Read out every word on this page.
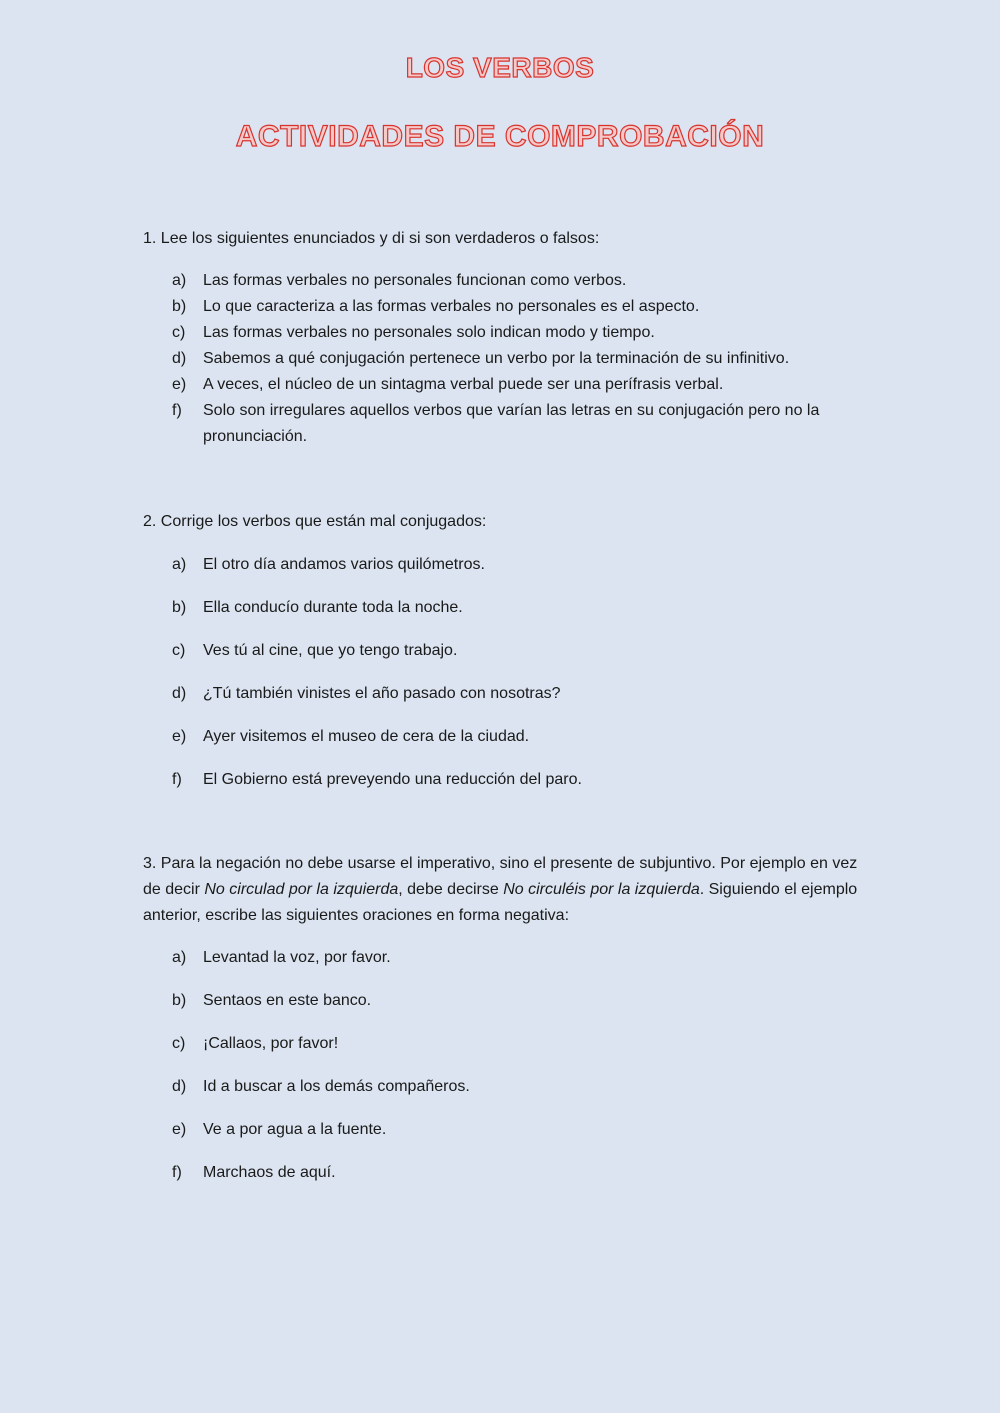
LOS VERBOS
ACTIVIDADES DE COMPROBACIÓN
1. Lee los siguientes enunciados y di si son verdaderos o falsos:
a)	Las formas verbales no personales funcionan como verbos.
b)	Lo que caracteriza a las formas verbales no personales es el aspecto.
c)	Las formas verbales no personales solo indican modo y tiempo.
d)	Sabemos a qué conjugación pertenece un verbo por la terminación de su infinitivo.
e)	A veces, el núcleo de un sintagma verbal puede ser una perífrasis verbal.
f)	Solo son irregulares aquellos verbos que varían las letras en su conjugación pero no la pronunciación.
2. Corrige los verbos que están mal conjugados:
a)	El otro día andamos varios quilómetros.
b)	Ella conducío durante toda la noche.
c)	Ves tú al cine, que yo tengo trabajo.
d)	¿Tú también vinistes el año pasado con nosotras?
e)	Ayer visitemos el museo de cera de la ciudad.
f)	El Gobierno está preveyendo una reducción del paro.
3. Para la negación no debe usarse el imperativo, sino el presente de subjuntivo. Por ejemplo en vez de decir No circulad por la izquierda, debe decirse No circuléis por la izquierda. Siguiendo el ejemplo anterior, escribe las siguientes oraciones en forma negativa:
a)	Levantad la voz, por favor.
b)	Sentaos en este banco.
c)	¡Callaos, por favor!
d)	Id a buscar a los demás compañeros.
e)	Ve a por agua a la fuente.
f)	Marchaos de aquí.
